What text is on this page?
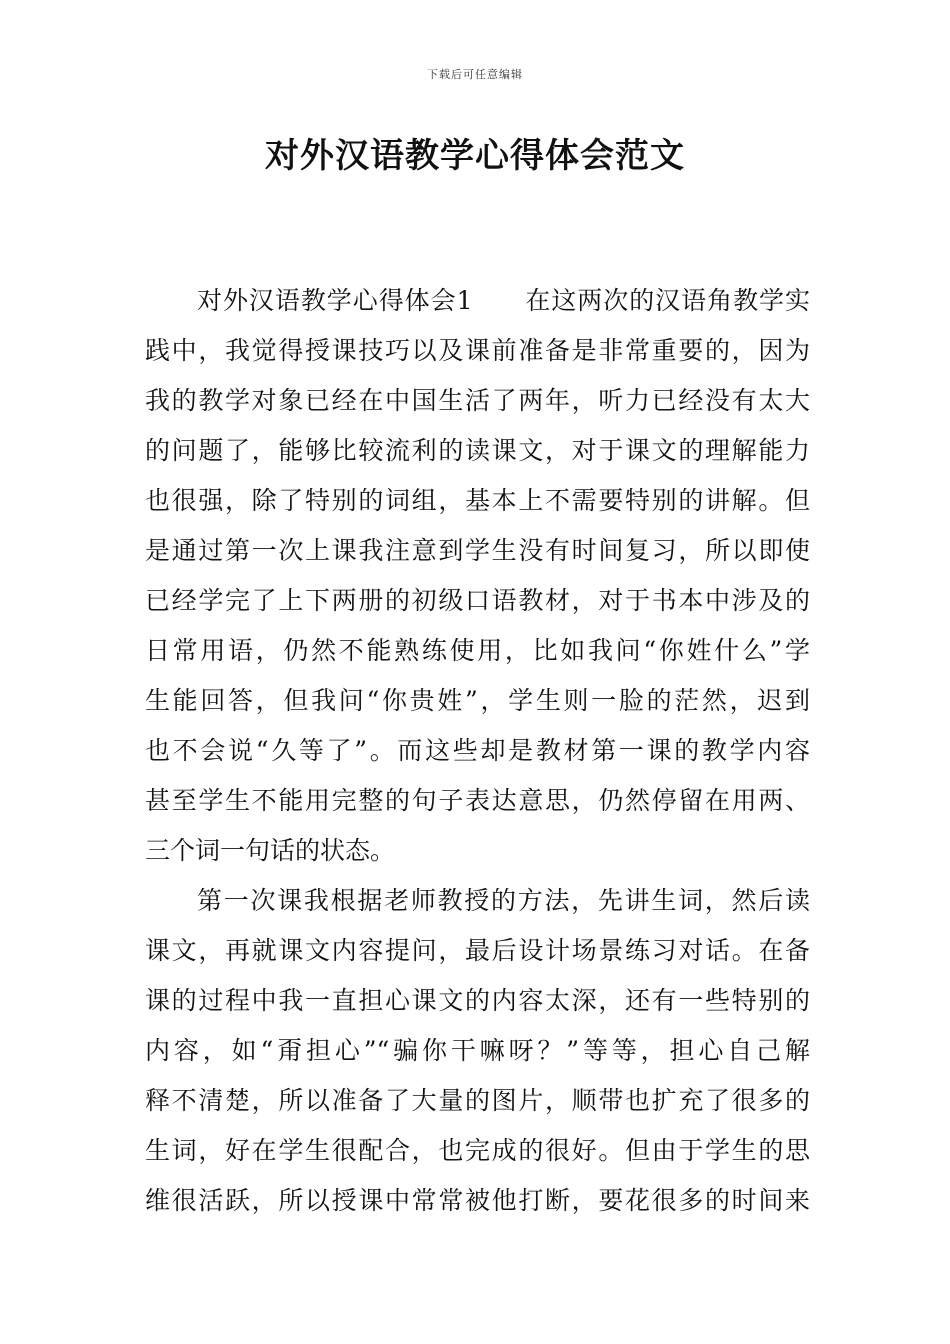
下载后可任意编辑
对外汉语教学心得体会范文
对外汉语教学心得体会1　　在这两次的汉语角教学实
践中，我觉得授课技巧以及课前准备是非常重要的，因为
我的教学对象已经在中国生活了两年，听力已经没有太大
的问题了，能够比较流利的读课文，对于课文的理解能力
也很强，除了特别的词组，基本上不需要特别的讲解。但
是通过第一次上课我注意到学生没有时间复习，所以即使
已经学完了上下两册的初级口语教材，对于书本中涉及的
日常用语，仍然不能熟练使用，比如我问“你姓什么”学
生能回答，但我问“你贵姓”，学生则一脸的茫然，迟到
也不会说“久等了”。而这些却是教材第一课的教学内容
甚至学生不能用完整的句子表达意思，仍然停留在用两、
三个词一句话的状态。
第一次课我根据老师教授的方法，先讲生词，然后读
课文，再就课文内容提问，最后设计场景练习对话。在备
课的过程中我一直担心课文的内容太深，还有一些特别的
内容，如“甭担心”“骗你干嘛呀？”等等，担心自己解
释不清楚，所以准备了大量的图片，顺带也扩充了很多的
生词，好在学生很配合，也完成的很好。但由于学生的思
维很活跃，所以授课中常常被他打断，要花很多的时间来
